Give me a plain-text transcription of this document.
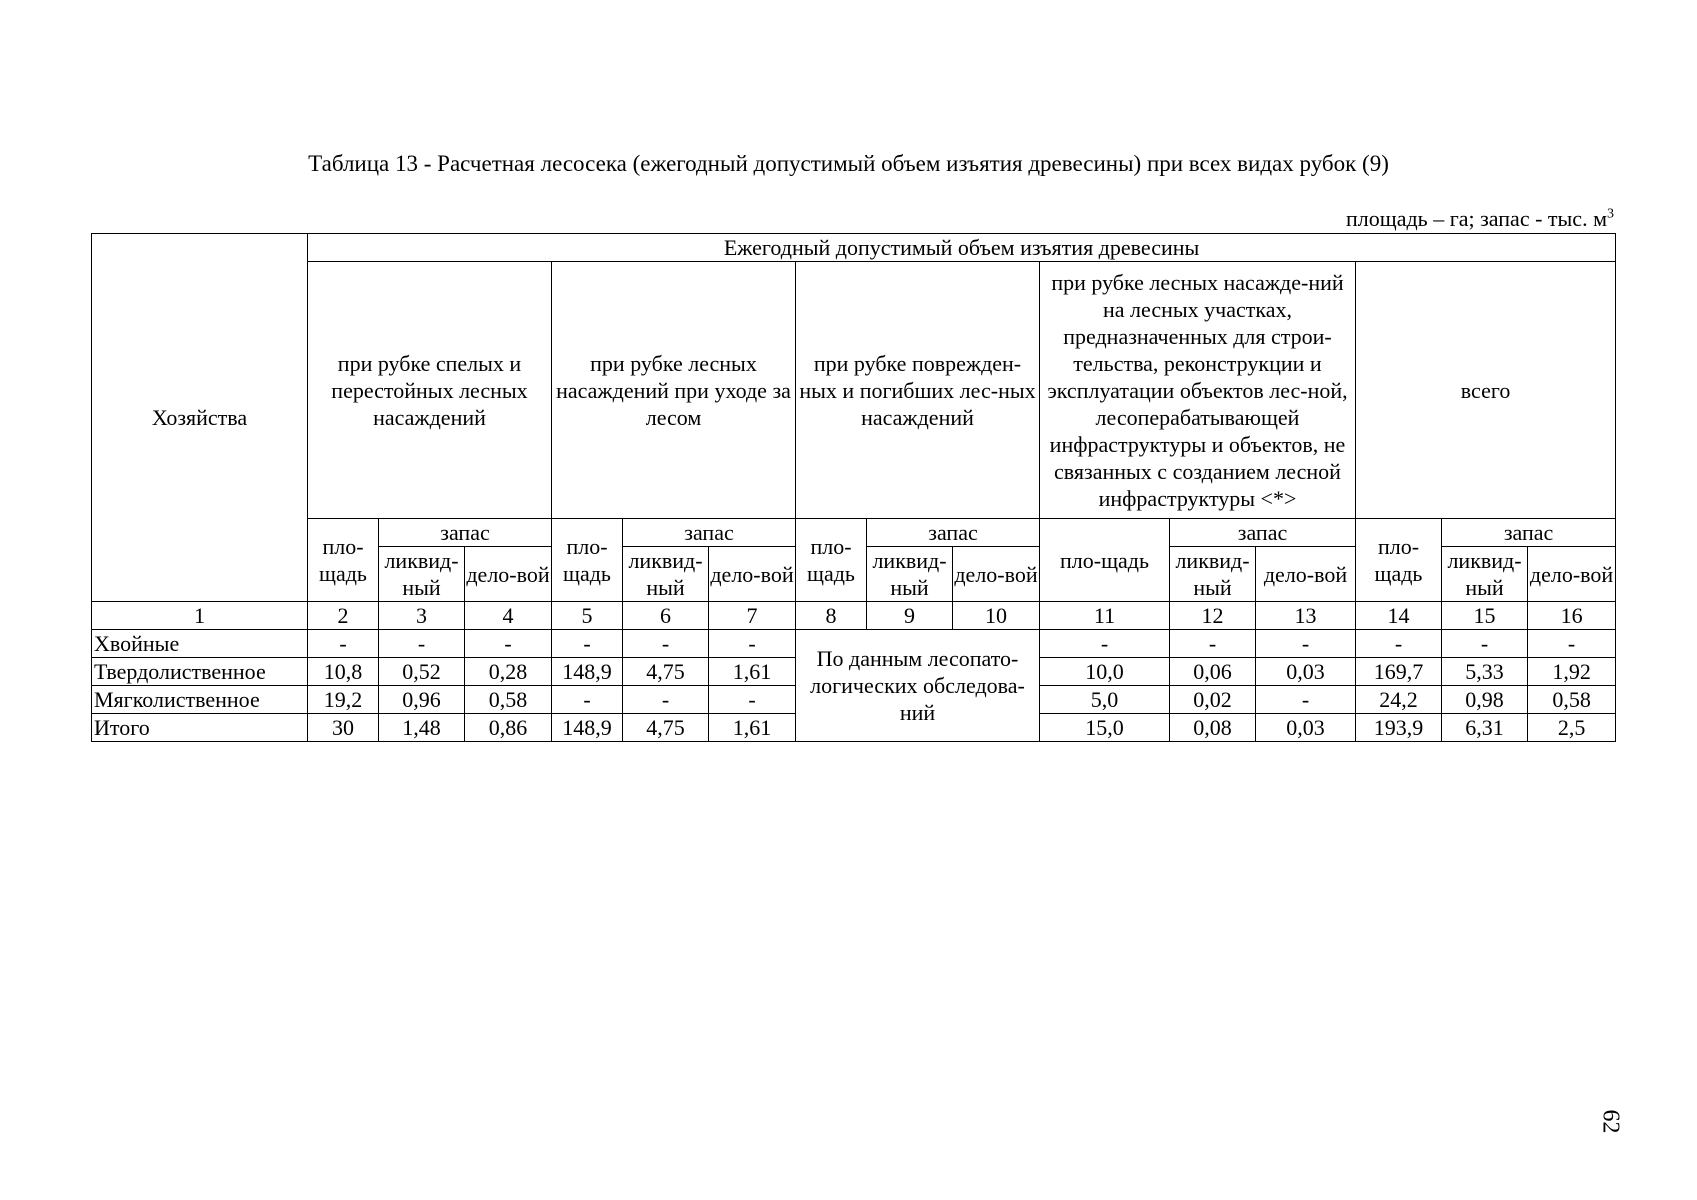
Таблица 13 - Расчетная лесосека (ежегодный допустимый объем изъятия древесины) при всех видах рубок (9)
площадь – га; запас - тыс. $м^3$
Хозяйства	Ежегодный допустимый объем изъятия древесины														
	при рубке спелых и перестойных лесных насаждений			при рубке лесных насаждений при уходе за лесом			при рубке поврежден-ных и погибших лес-ных насаждений			при рубке лесных насажде-ний на лесных участках, предназначенных для строи-тельства, реконструкции и эксплуатации объектов лес-ной, лесоперабатывающей инфраструктуры и объектов, не связанных с созданием лесной инфраструктуры <*>			всего		
	пло-щадь	запас		пло-щадь	запас		пло-щадь	запас		пло-щадь	запас		пло-щадь	запас	
		ликвид-ный	дело-вой		ликвид-ный	дело-вой		ликвид-ный	дело-вой		ликвид-ный	дело-вой		ликвид-ный	дело-вой
1	2	3	4	5	6	7	8	9	10	11	12	13	14	15	16
Хвойные	-	-	-	-	-	-	По данным лесопато-логических обследова-ний			-	-	-	-	-	-
Твердолиственное	10,8	0,52	0,28	148,9	4,75	1,61				10,0	0,06	0,03	169,7	5,33	1,92
Мягколиственное	19,2	0,96	0,58	-	-	-				5,0	0,02	-	24,2	0,98	0,58
Итого	30	1,48	0,86	148,9	4,75	1,61				15,0	0,08	0,03	193,9	6,31	2,5
62
